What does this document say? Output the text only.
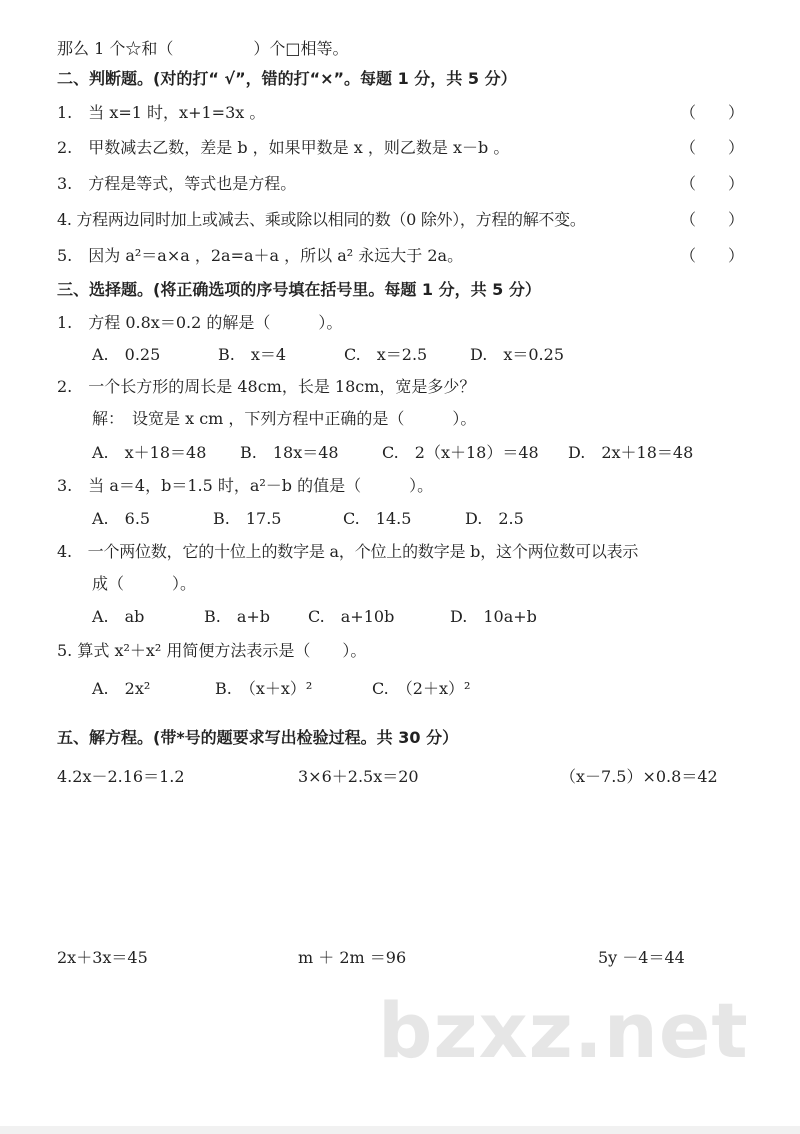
那么 1 个☆和（　　　　　）个□相等。
二、判断题。(对的打“ √”，错的打“×”。每题 1 分，共 5 分）
1.　当 x=1 时，x+1=3x 。	（　　）
2.　甲数减去乙数，差是 b ，如果甲数是 x ，则乙数是 x－b 。	（　　）
3.　方程是等式，等式也是方程。	（　　）
4. 方程两边同时加上或减去、乘或除以相同的数（0 除外），方程的解不变。	（　　）
5.　因为 a²＝a×a ，2a=a＋a ，所以 a² 永远大于 2a。	（　　）
三、选择题。(将正确选项的序号填在括号里。每题 1 分，共 5 分）
1.　方程 0.8x＝0.2 的解是（　　　）。
A.　0.25	B.　x＝4	C.　x＝2.5	D.　x＝0.25
2.　一个长方形的周长是 48cm，长是 18cm，宽是多少？
解：　设宽是 x cm ，下列方程中正确的是（　　　）。
A.　x＋18＝48 B.　18x＝48	C.　2（x＋18）＝48 D.　2x＋18＝48
3.　当 a＝4，b＝1.5 时，a²－b 的值是（　　　）。
A.　6.5	B.　17.5	C.　14.5	D.　2.5
4.　一个两位数，它的十位上的数字是 a，个位上的数字是 b，这个两位数可以表示
成（　　　）。
A.　ab	B.　a+b C.　a+10b	D.　10a+b
5. 算式 x²＋x² 用简便方法表示是（　　）。
A.　2x²	B.　（x＋x）²	C.　（2＋x）²
五、解方程。(带*号的题要求写出检验过程。共 30 分）
4.2x－2.16＝1.2	3×6＋2.5x＝20	（x－7.5）×0.8＝42
2x＋3x＝45	m ＋ 2m ＝96	5y －4＝44
bzxz.net
